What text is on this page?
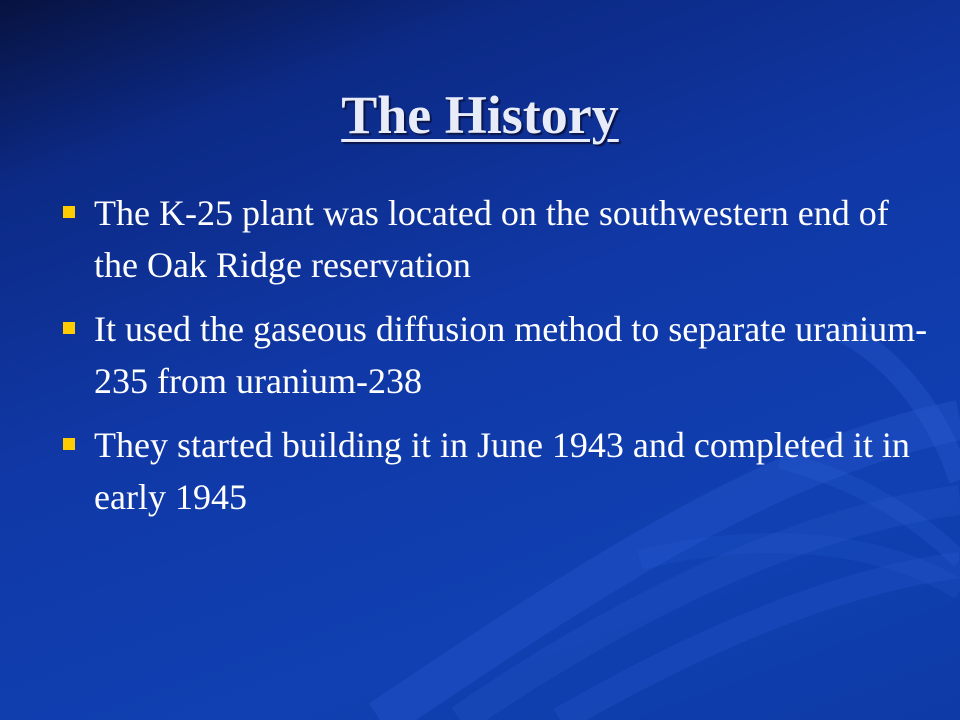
The History
The K-25 plant was located on the southwestern end of the Oak Ridge reservation
It used the gaseous diffusion method to separate uranium-235 from uranium-238
They started building it in June 1943 and completed it in early 1945
